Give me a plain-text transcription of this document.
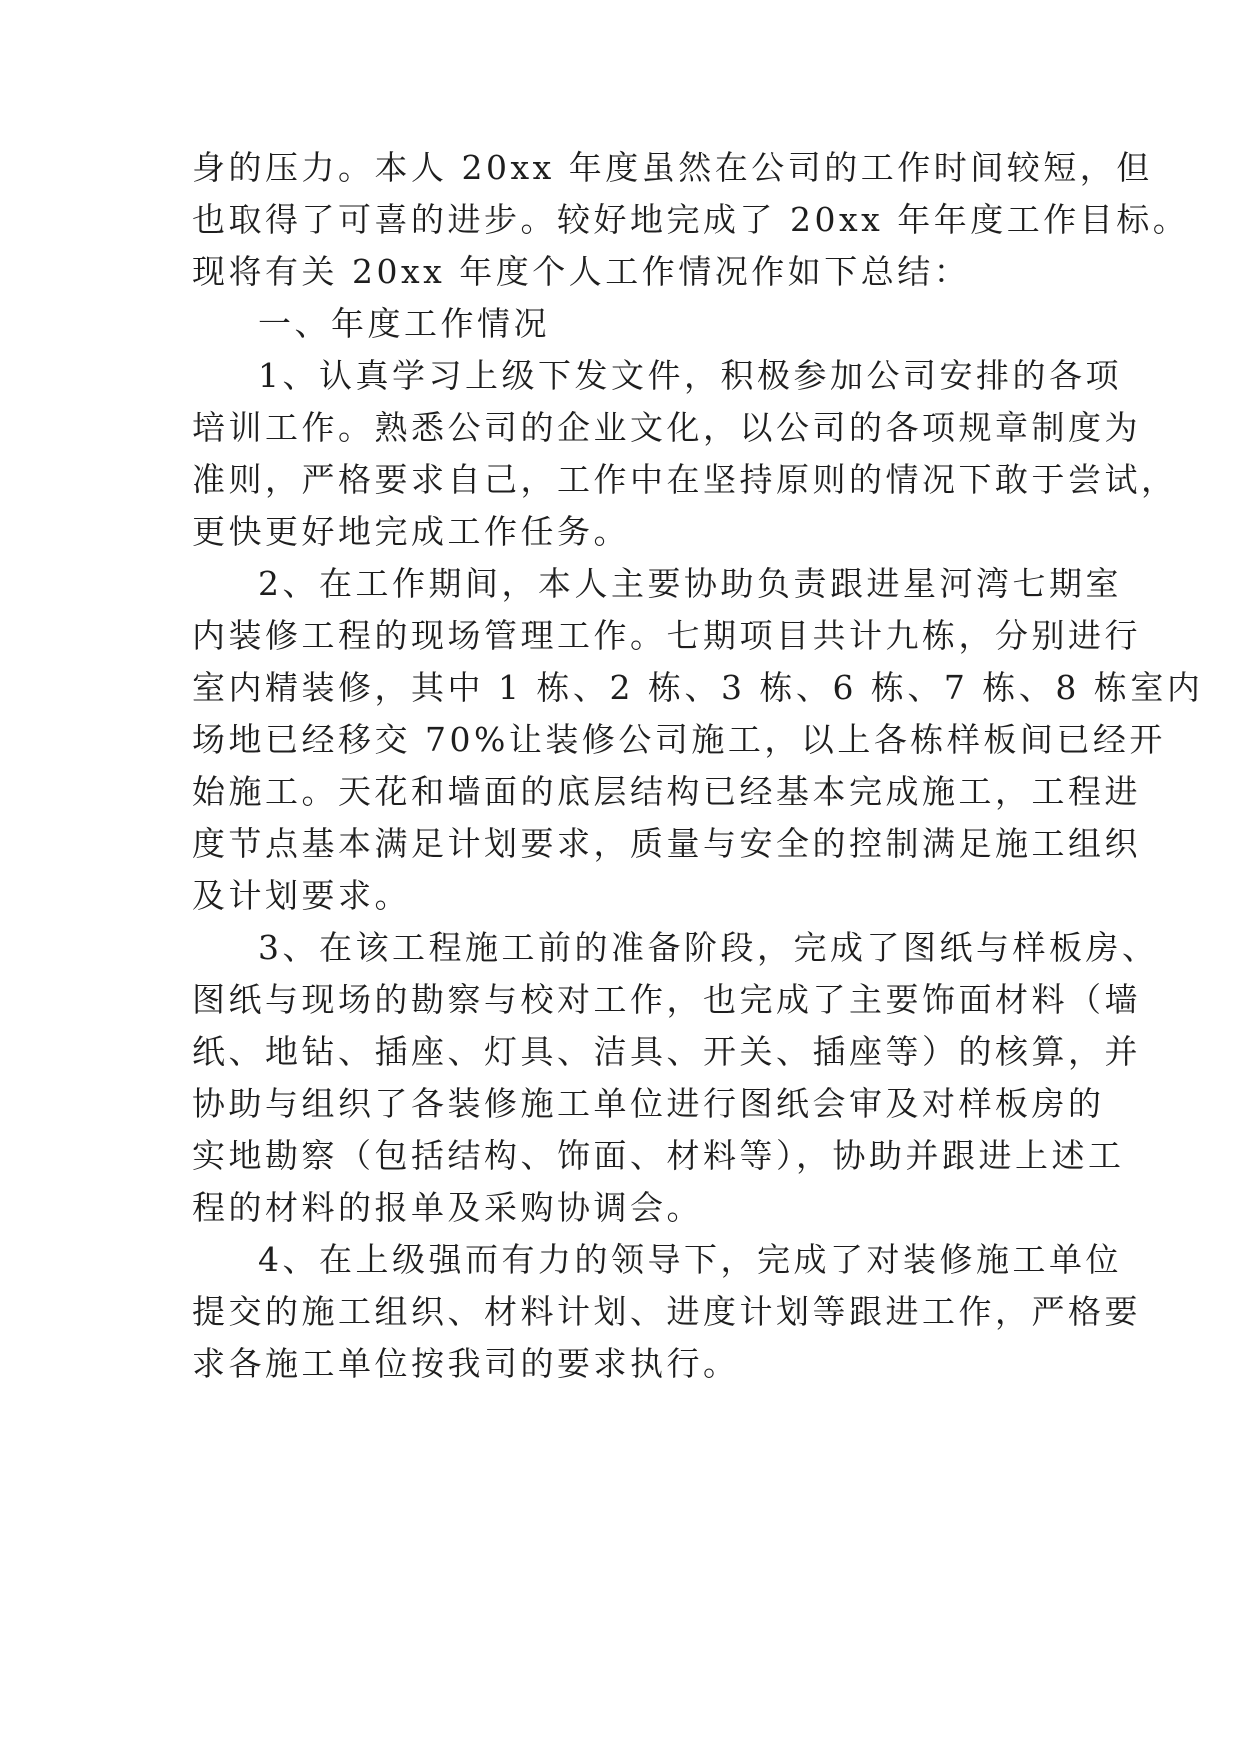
身的压力。本人 20xx 年度虽然在公司的工作时间较短，但
也取得了可喜的进步。较好地完成了 20xx 年年度工作目标。
现将有关 20xx 年度个人工作情况作如下总结：
一、年度工作情况
1、认真学习上级下发文件，积极参加公司安排的各项
培训工作。熟悉公司的企业文化，以公司的各项规章制度为
准则，严格要求自己，工作中在坚持原则的情况下敢于尝试，
更快更好地完成工作任务。
2、在工作期间，本人主要协助负责跟进星河湾七期室
内装修工程的现场管理工作。七期项目共计九栋，分别进行
室内精装修，其中 1 栋、2 栋、3 栋、6 栋、7 栋、8 栋室内
场地已经移交 70%让装修公司施工，以上各栋样板间已经开
始施工。天花和墙面的底层结构已经基本完成施工，工程进
度节点基本满足计划要求，质量与安全的控制满足施工组织
及计划要求。
3、在该工程施工前的准备阶段，完成了图纸与样板房、
图纸与现场的勘察与校对工作，也完成了主要饰面材料（墙
纸、地钻、插座、灯具、洁具、开关、插座等）的核算，并
协助与组织了各装修施工单位进行图纸会审及对样板房的
实地勘察（包括结构、饰面、材料等），协助并跟进上述工
程的材料的报单及采购协调会。
4、在上级强而有力的领导下，完成了对装修施工单位
提交的施工组织、材料计划、进度计划等跟进工作，严格要
求各施工单位按我司的要求执行。
